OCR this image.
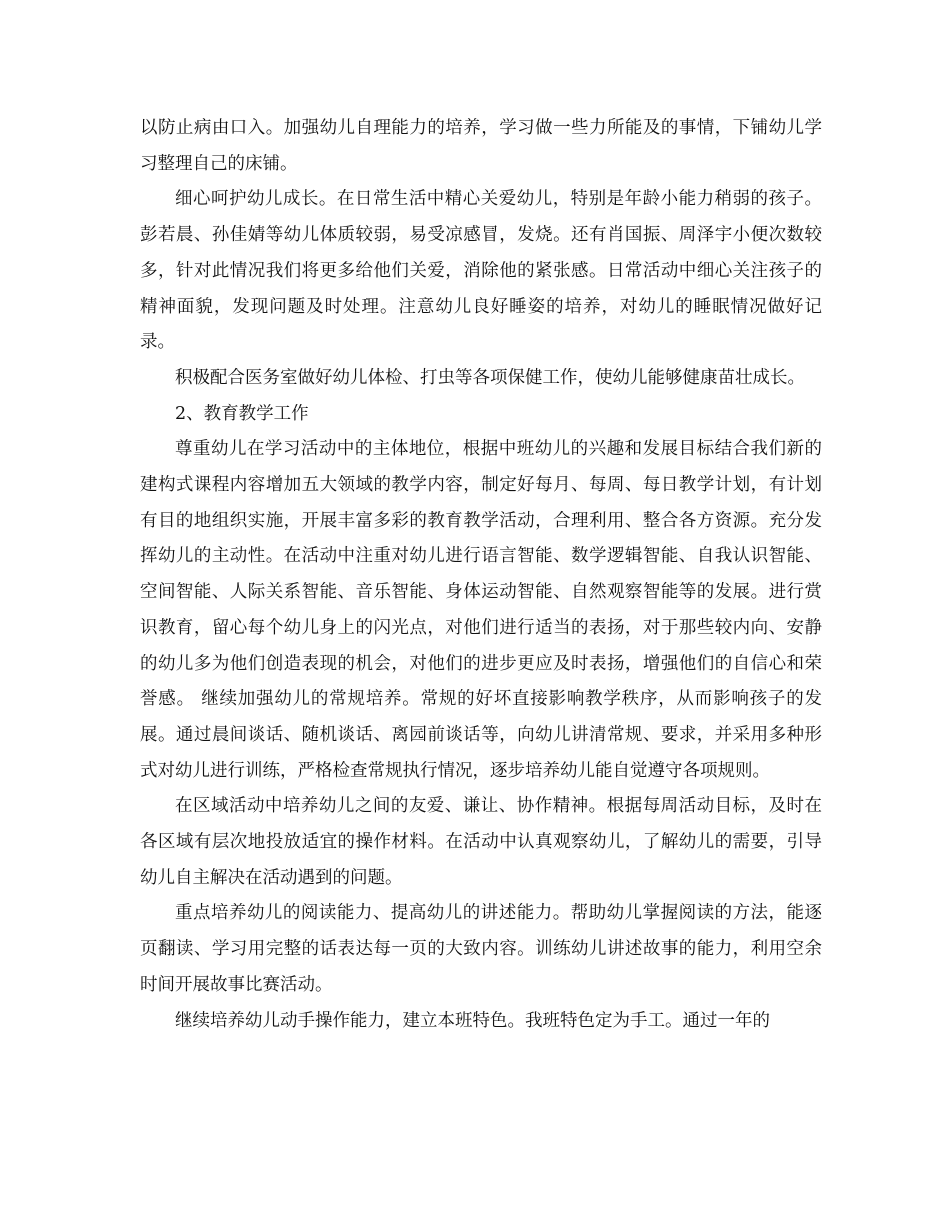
以防止病由口入。加强幼儿自理能力的培养，学习做一些力所能及的事情，下铺幼儿学习整理自己的床铺。

细心呵护幼儿成长。在日常生活中精心关爱幼儿，特别是年龄小能力稍弱的孩子。彭若晨、孙佳婧等幼儿体质较弱，易受凉感冒，发烧。还有肖国振、周泽宇小便次数较多，针对此情况我们将更多给他们关爱，消除他的紧张感。日常活动中细心关注孩子的精神面貌，发现问题及时处理。注意幼儿良好睡姿的培养，对幼儿的睡眠情况做好记录。

积极配合医务室做好幼儿体检、打虫等各项保健工作，使幼儿能够健康苗壮成长。

2、教育教学工作

尊重幼儿在学习活动中的主体地位，根据中班幼儿的兴趣和发展目标结合我们新的建构式课程内容增加五大领域的教学内容，制定好每月、每周、每日教学计划，有计划有目的地组织实施，开展丰富多彩的教育教学活动，合理利用、整合各方资源。充分发挥幼儿的主动性。在活动中注重对幼儿进行语言智能、数学逻辑智能、自我认识智能、空间智能、人际关系智能、音乐智能、身体运动智能、自然观察智能等的发展。进行赏识教育，留心每个幼儿身上的闪光点，对他们进行适当的表扬，对于那些较内向、安静的幼儿多为他们创造表现的机会，对他们的进步更应及时表扬，增强他们的自信心和荣誉感。 继续加强幼儿的常规培养。常规的好坏直接影响教学秩序，从而影响孩子的发展。通过晨间谈话、随机谈话、离园前谈话等，向幼儿讲清常规、要求，并采用多种形式对幼儿进行训练，严格检查常规执行情况，逐步培养幼儿能自觉遵守各项规则。

在区域活动中培养幼儿之间的友爱、谦让、协作精神。根据每周活动目标，及时在各区域有层次地投放适宜的操作材料。在活动中认真观察幼儿，了解幼儿的需要，引导幼儿自主解决在活动遇到的问题。

重点培养幼儿的阅读能力、提高幼儿的讲述能力。帮助幼儿掌握阅读的方法，能逐页翻读、学习用完整的话表达每一页的大致内容。训练幼儿讲述故事的能力，利用空余时间开展故事比赛活动。

继续培养幼儿动手操作能力，建立本班特色。我班特色定为手工。通过一年的
